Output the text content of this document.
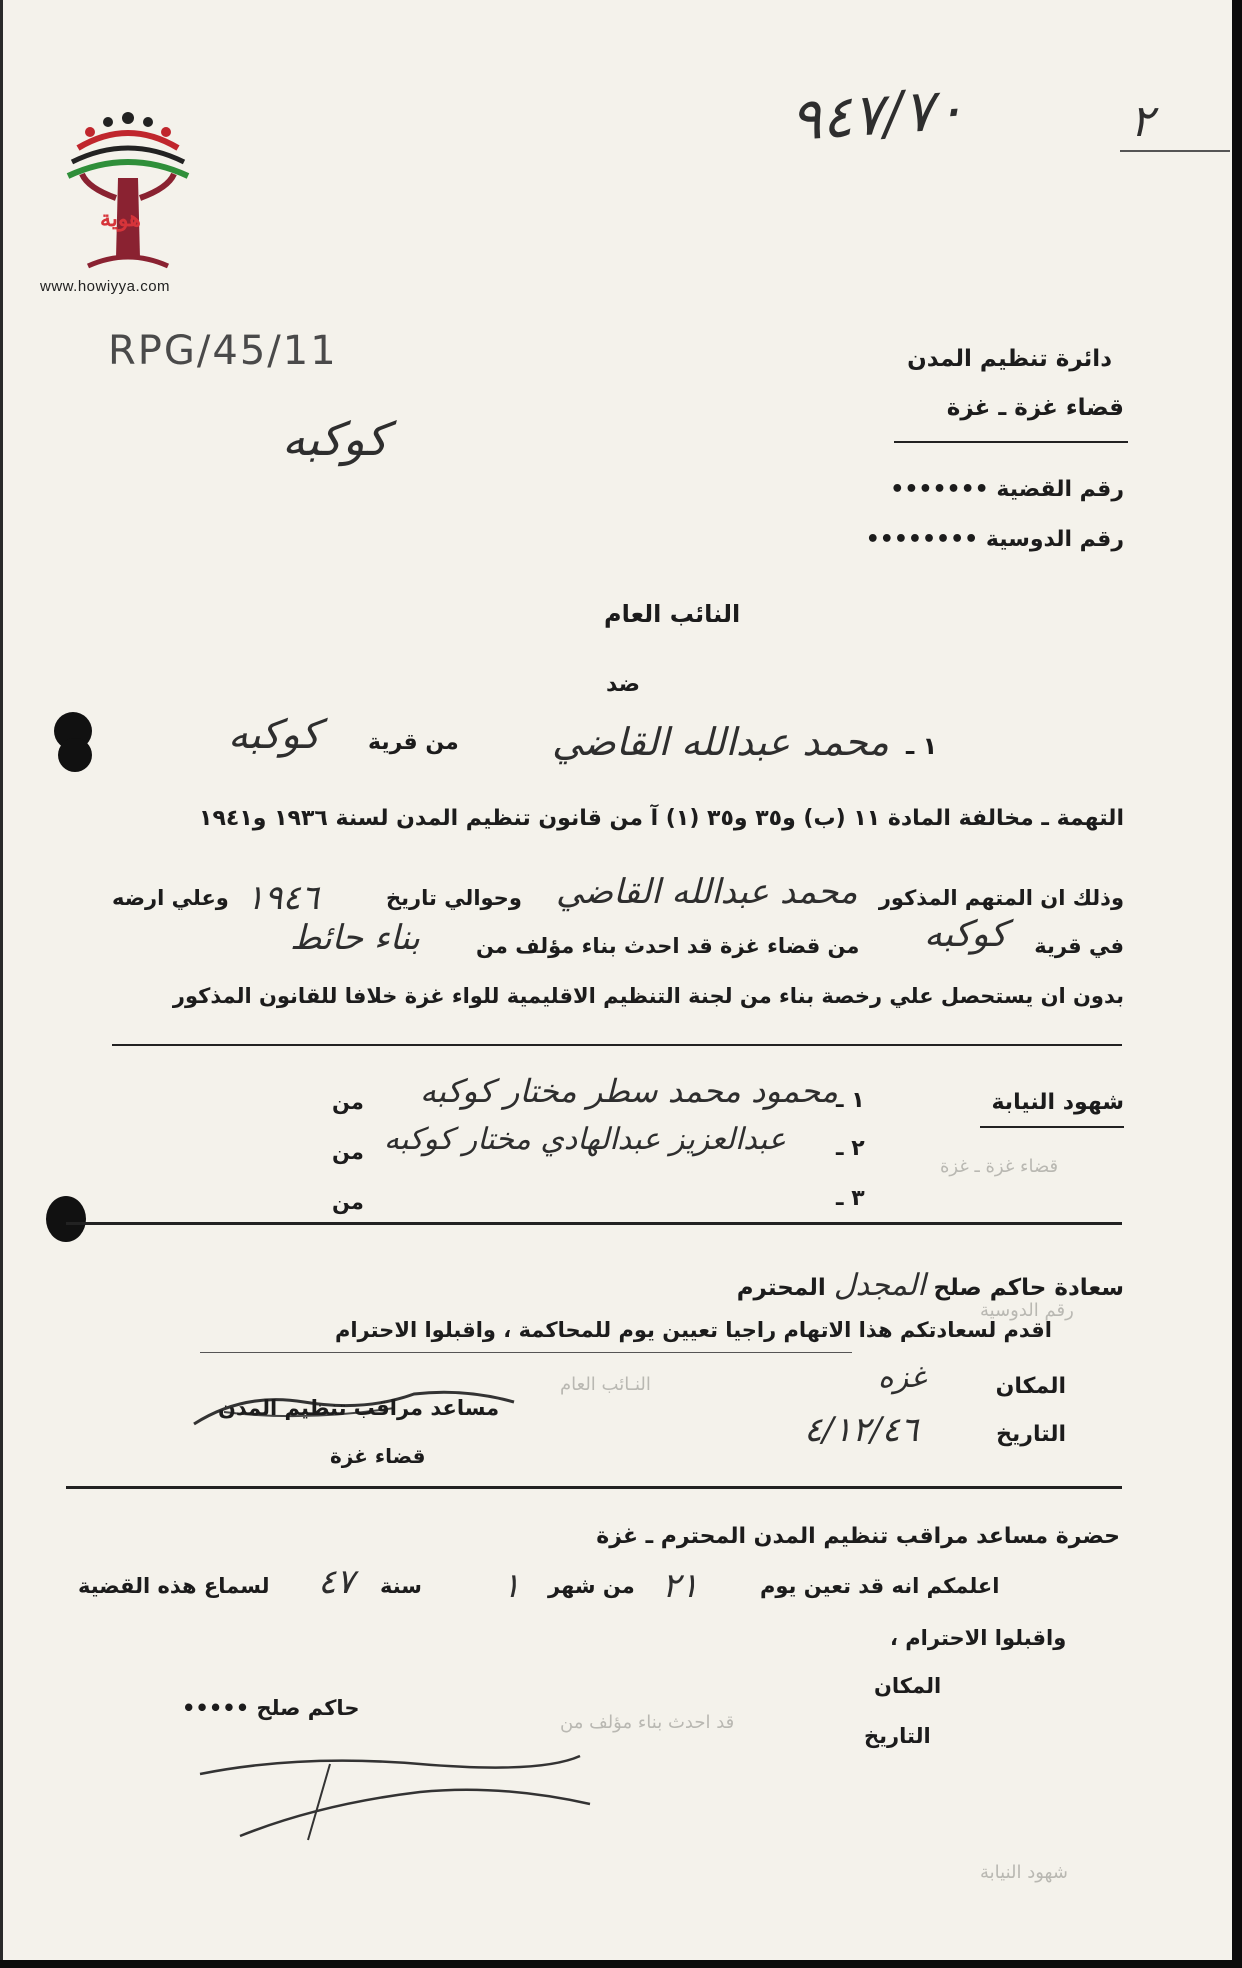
هوية
www.howiyya.com
٩٤٧/٧٠	٢
RPG/45/11
كوكبه
دائرة تنظيم المدن
قضاء غزة ـ غزة
رقم القضية •••••••
رقم الدوسية ••••••••
النائب العام
ضد
١ ـ
محمد عبدالله القاضي
من قرية
كوكبه
التهمة ـ مخالفة المادة ١١ (ب) و٣٥ و٣٥ (١) آ من قانون تنظيم المدن لسنة ١٩٣٦ و١٩٤١
وذلك ان المتهم المذكور
محمد عبدالله القاضي
وحوالي تاريخ
١٩٤٦
وعلي ارضه
في قرية
كوكبه
من قضاء غزة قد احدث بناء مؤلف من
بناء حائط
بدون ان يستحصل علي رخصة بناء من لجنة التنظيم الاقليمية للواء غزة خلافا للقانون المذكور
شهود النيابة
١ ـ
محمود محمد سطر مختار كوكبه
من
٢ ـ
عبدالعزيز عبدالهادي مختار كوكبه
من
٣ ـ
من
قضاء غزة ـ غزة
رقم الدوسية
النـائب العام
قد احدث بناء مؤلف من
شهود النيابة
سعادة حاكم صلح المجدل المحترم
اقدم لسعادتكم هذا الاتهام راجيا تعيين يوم للمحاكمة ، واقبلوا الاحترام
المكان
غزه
التاريخ
٤/١٢/٤٦
مساعد مراقب تنظيم المدن
قضاء غزة
حضرة مساعد مراقب تنظيم المدن المحترم ـ غزة
اعلمكم انه قد تعين يوم
٢١
من شهر
١
سنة
٤٧
لسماع هذه القضية
واقبلوا الاحترام ،
المكان
التاريخ
حاكم صلح •••••
